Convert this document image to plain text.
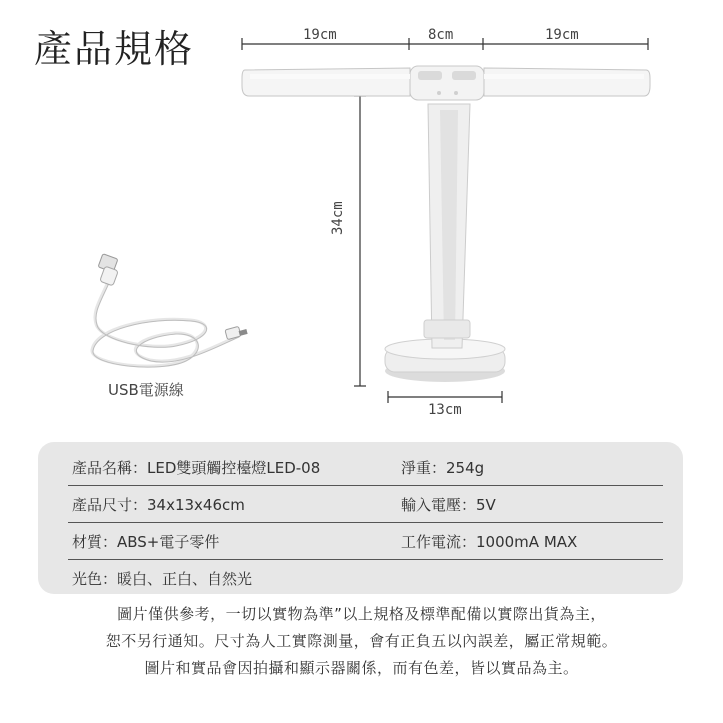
產品規格	19cm	8cm	19cm
34cm
13cm
USB電源線
產品名稱：LED雙頭觸控檯燈LED-08	淨重：254g
產品尺寸：34x13x46cm	輸入電壓：5V
材質：ABS+電子零件	工作電流：1000mA MAX
光色：暖白、正白、自然光
圖片僅供參考，一切以實物為準”以上規格及標準配備以實際出貨為主，
恕不另行通知。尺寸為人工實際測量，會有正負五以內誤差，屬正常規範。
圖片和實品會因拍攝和顯示器關係，而有色差，皆以實品為主。
